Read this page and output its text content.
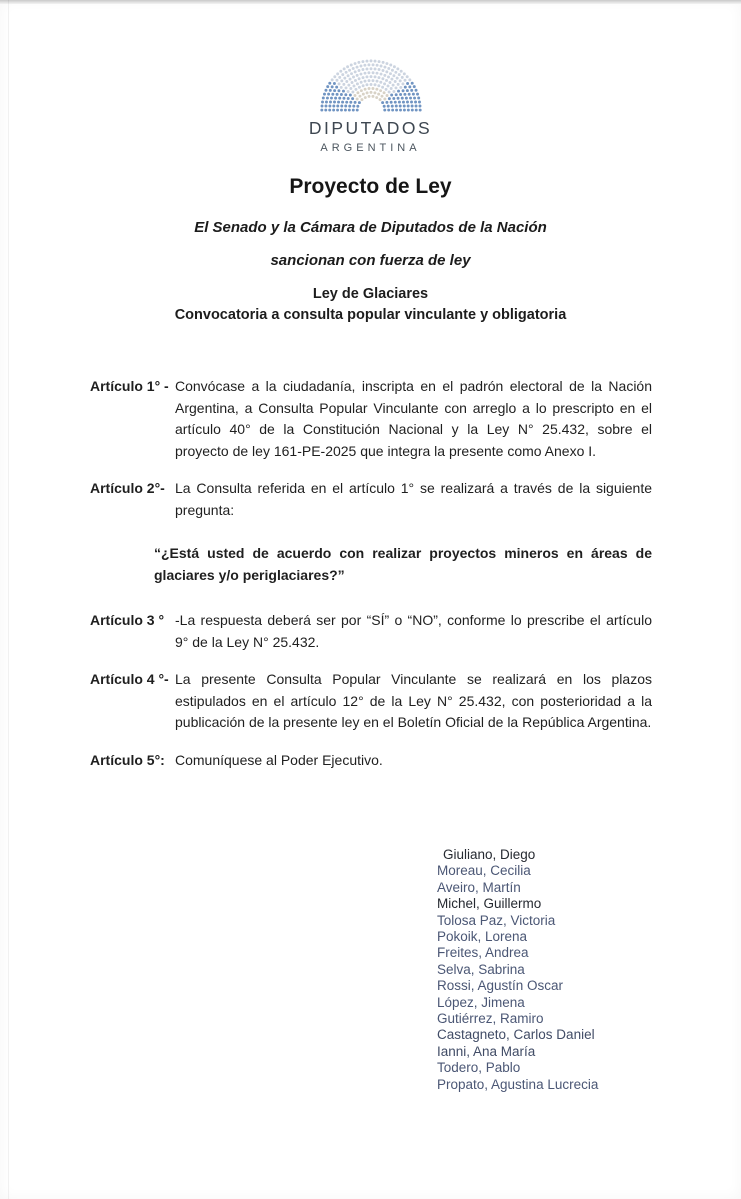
DIPUTADOS
ARGENTINA
Proyecto de Ley
El Senado y la Cámara de Diputados de la Nación
sancionan con fuerza de ley
Ley de Glaciares
Convocatoria a consulta popular vinculante y obligatoria
Artículo 1° - Convócase a la ciudadanía, inscripta en el padrón electoral de la Nación Argentina, a Consulta Popular Vinculante con arreglo a lo prescripto en el artículo 40° de la Constitución Nacional y la Ley N° 25.432, sobre el proyecto de ley 161-PE-2025 que integra la presente como Anexo I.
Artículo 2°- La Consulta referida en el artículo 1° se realizará a través de la siguiente pregunta:
“¿Está usted de acuerdo con realizar proyectos mineros en áreas de glaciares y/o periglaciares?”
Artículo 3 ° -La respuesta deberá ser por “SÍ” o “NO”, conforme lo prescribe el artículo 9° de la Ley N° 25.432.
Artículo 4 °- La presente Consulta Popular Vinculante se realizará en los plazos estipulados en el artículo 12° de la Ley N° 25.432, con posterioridad a la publicación de la presente ley en el Boletín Oficial de la República Argentina.
Artículo 5°: Comuníquese al Poder Ejecutivo.
Giuliano, Diego
Moreau, Cecilia
Aveiro, Martín
Michel, Guillermo
Tolosa Paz, Victoria
Pokoik, Lorena
Freites, Andrea
Selva, Sabrina
Rossi, Agustín Oscar
López, Jimena
Gutiérrez, Ramiro
Castagneto, Carlos Daniel
Ianni, Ana María
Todero, Pablo
Propato, Agustina Lucrecia
